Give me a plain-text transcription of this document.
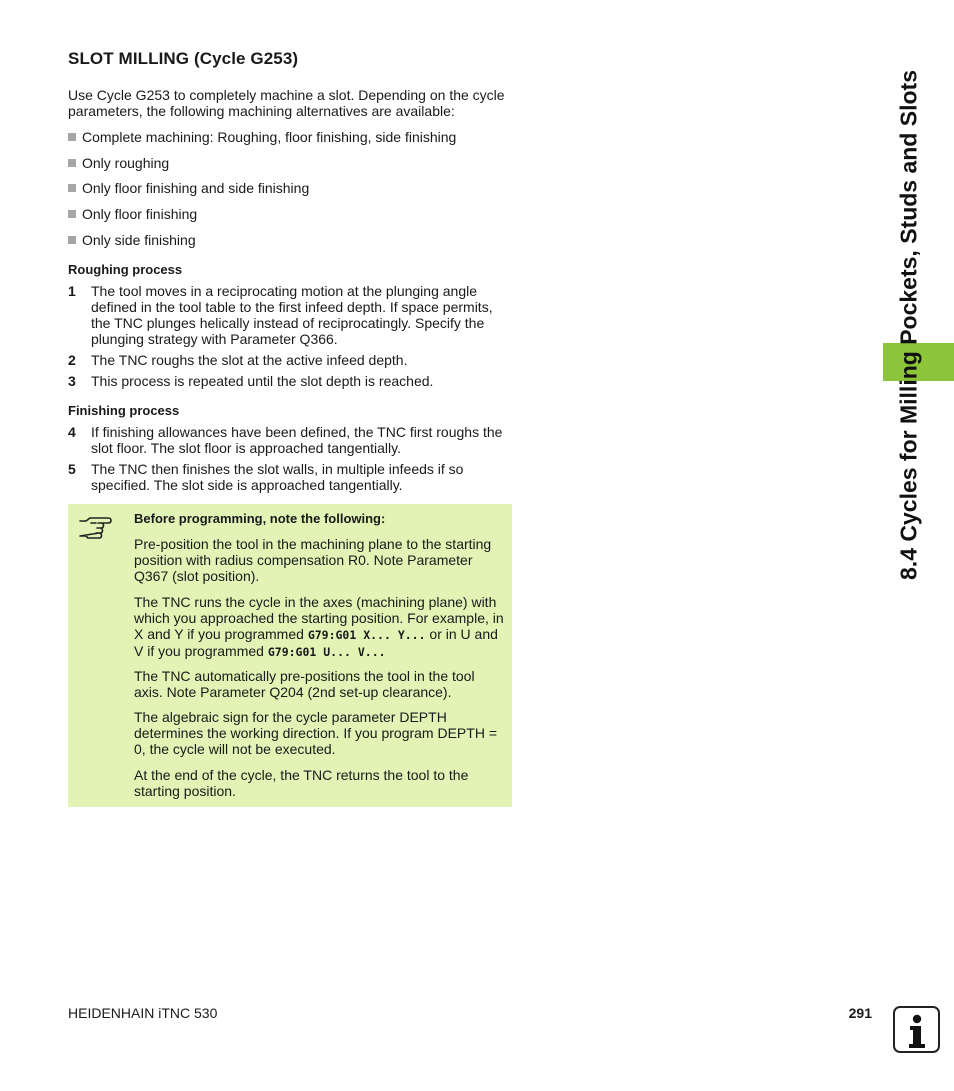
SLOT MILLING (Cycle G253)
Use Cycle G253 to completely machine a slot. Depending on the cycle parameters, the following machining alternatives are available:
Complete machining: Roughing, floor finishing, side finishing
Only roughing
Only floor finishing and side finishing
Only floor finishing
Only side finishing
Roughing process
1 The tool moves in a reciprocating motion at the plunging angle defined in the tool table to the first infeed depth. If space permits, the TNC plunges helically instead of reciprocatingly. Specify the plunging strategy with Parameter Q366.
2 The TNC roughs the slot at the active infeed depth.
3 This process is repeated until the slot depth is reached.
Finishing process
4 If finishing allowances have been defined, the TNC first roughs the slot floor. The slot floor is approached tangentially.
5 The TNC then finishes the slot walls, in multiple infeeds if so specified. The slot side is approached tangentially.
Before programming, note the following:
Pre-position the tool in the machining plane to the starting position with radius compensation R0. Note Parameter Q367 (slot position).
The TNC runs the cycle in the axes (machining plane) with which you approached the starting position. For example, in X and Y if you programmed G79:G01 X... Y... or in U and V if you programmed G79:G01 U... V...
The TNC automatically pre-positions the tool in the tool axis. Note Parameter Q204 (2nd set-up clearance).
The algebraic sign for the cycle parameter DEPTH determines the working direction. If you program DEPTH = 0, the cycle will not be executed.
At the end of the cycle, the TNC returns the tool to the starting position.
8.4 Cycles for Milling Pockets, Studs and Slots
HEIDENHAIN iTNC 530	291
